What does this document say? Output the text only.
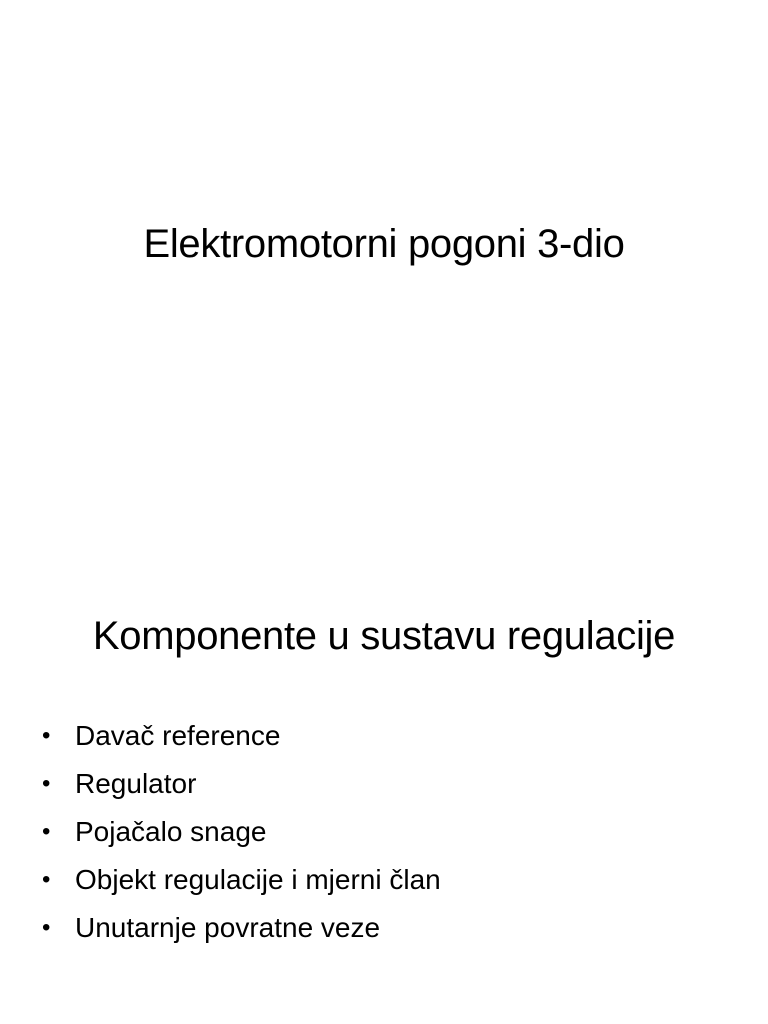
Elektromotorni pogoni 3-dio
Komponente u sustavu regulacije
• Davač reference
• Regulator
• Pojačalo snage
• Objekt regulacije i mjerni član
• Unutarnje povratne veze
